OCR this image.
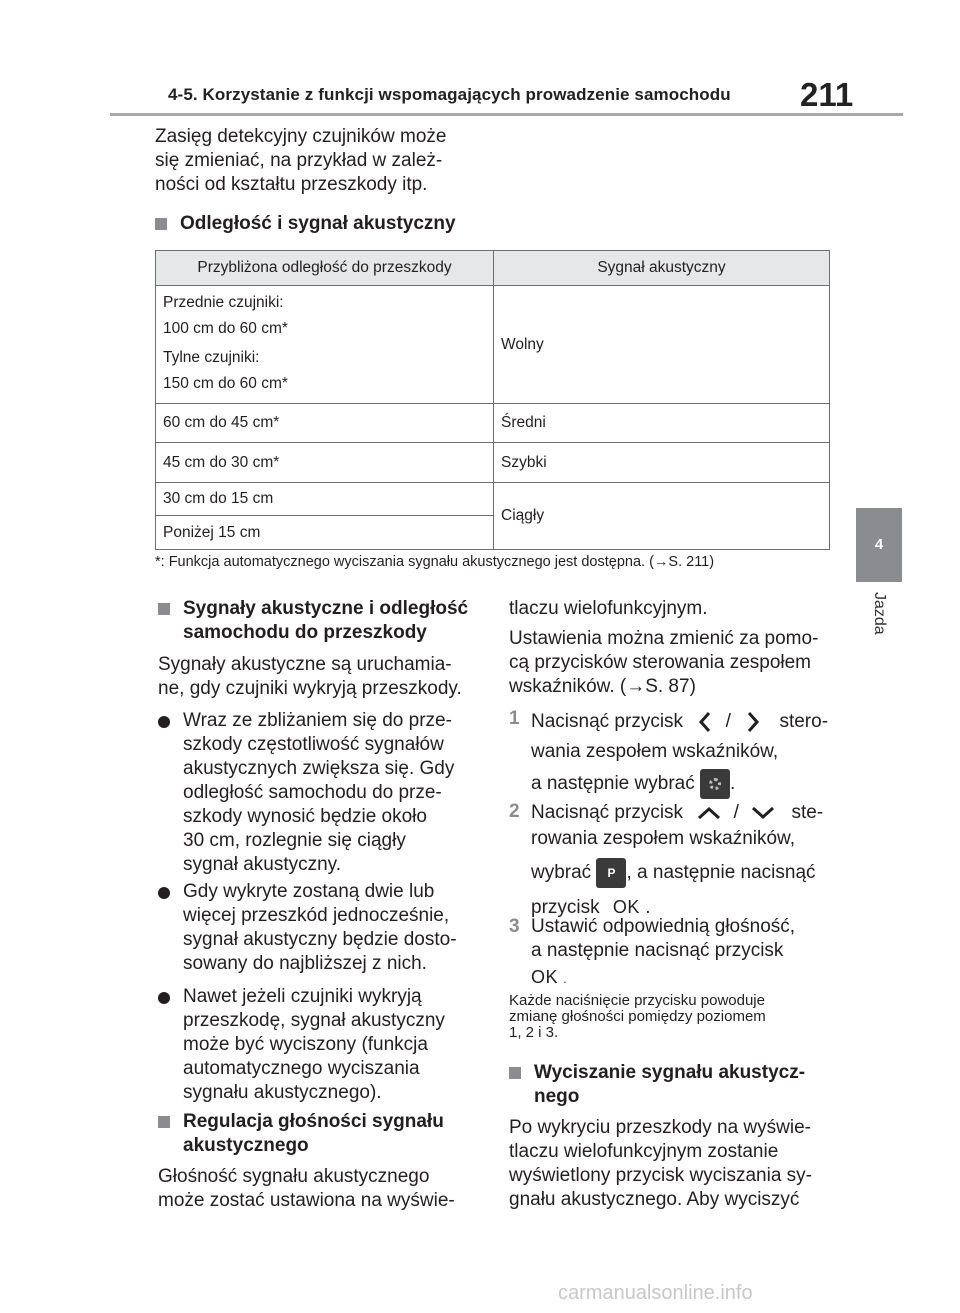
4-5. Korzystanie z funkcji wspomagających prowadzenie samochodu 211
4
Jazda
Zasięg detekcyjny czujników może
się zmieniać, na przykład w zależ-
ności od kształtu przeszkody itp.
Odległość i sygnał akustyczny
Przybliżona odległość do przeszkody	Sygnał akustyczny

Przednie czujniki:
100 cm do 60 cm*
Tylne czujniki:
150 cm do 60 cm*	Wolny
60 cm do 45 cm*	Średni
45 cm do 30 cm*	Szybki
30 cm do 15 cm	Ciągły
Poniżej 15 cm	
*: Funkcja automatycznego wyciszania sygnału akustycznego jest dostępna. (→S. 211)
Sygnały akustyczne i odległość
samochodu do przeszkody
Sygnały akustyczne są uruchamia-
ne, gdy czujniki wykryją przeszkody.
Wraz ze zbliżaniem się do prze-
szkody częstotliwość sygnałów
akustycznych zwiększa się. Gdy
odległość samochodu do prze-
szkody wynosić będzie około
30 cm, rozlegnie się ciągły
sygnał akustyczny.
Gdy wykryte zostaną dwie lub
więcej przeszkód jednocześnie,
sygnał akustyczny będzie dosto-
sowany do najbliższej z nich.
Nawet jeżeli czujniki wykryją
przeszkodę, sygnał akustyczny
może być wyciszony (funkcja
automatycznego wyciszania
sygnału akustycznego).
Regulacja głośności sygnału
akustycznego
Głośność sygnału akustycznego
może zostać ustawiona na wyświe-
tlaczu wielofunkcyjnym.
Ustawienia można zmienić za pomo-
cą przycisków sterowania zespołem
wskaźników. (→S. 87)
1 Nacisnąć przycisk /	stero-
wania zespołem wskaźników,
a następnie wybrać .
2 Nacisnąć przycisk	/	ste-
rowania zespołem wskaźników,
wybrać P , a następnie nacisnąć
przycisk OK .
3 Ustawić odpowiednią głośność,
a następnie nacisnąć przycisk
OK .
Każde naciśnięcie przycisku powoduje
zmianę głośności pomiędzy poziomem
1, 2 i 3.
Wyciszanie sygnału akustycz-
nego
Po wykryciu przeszkody na wyświe-
tlaczu wielofunkcyjnym zostanie
wyświetlony przycisk wyciszania sy-
gnału akustycznego. Aby wyciszyć
carmanualsonline.info
